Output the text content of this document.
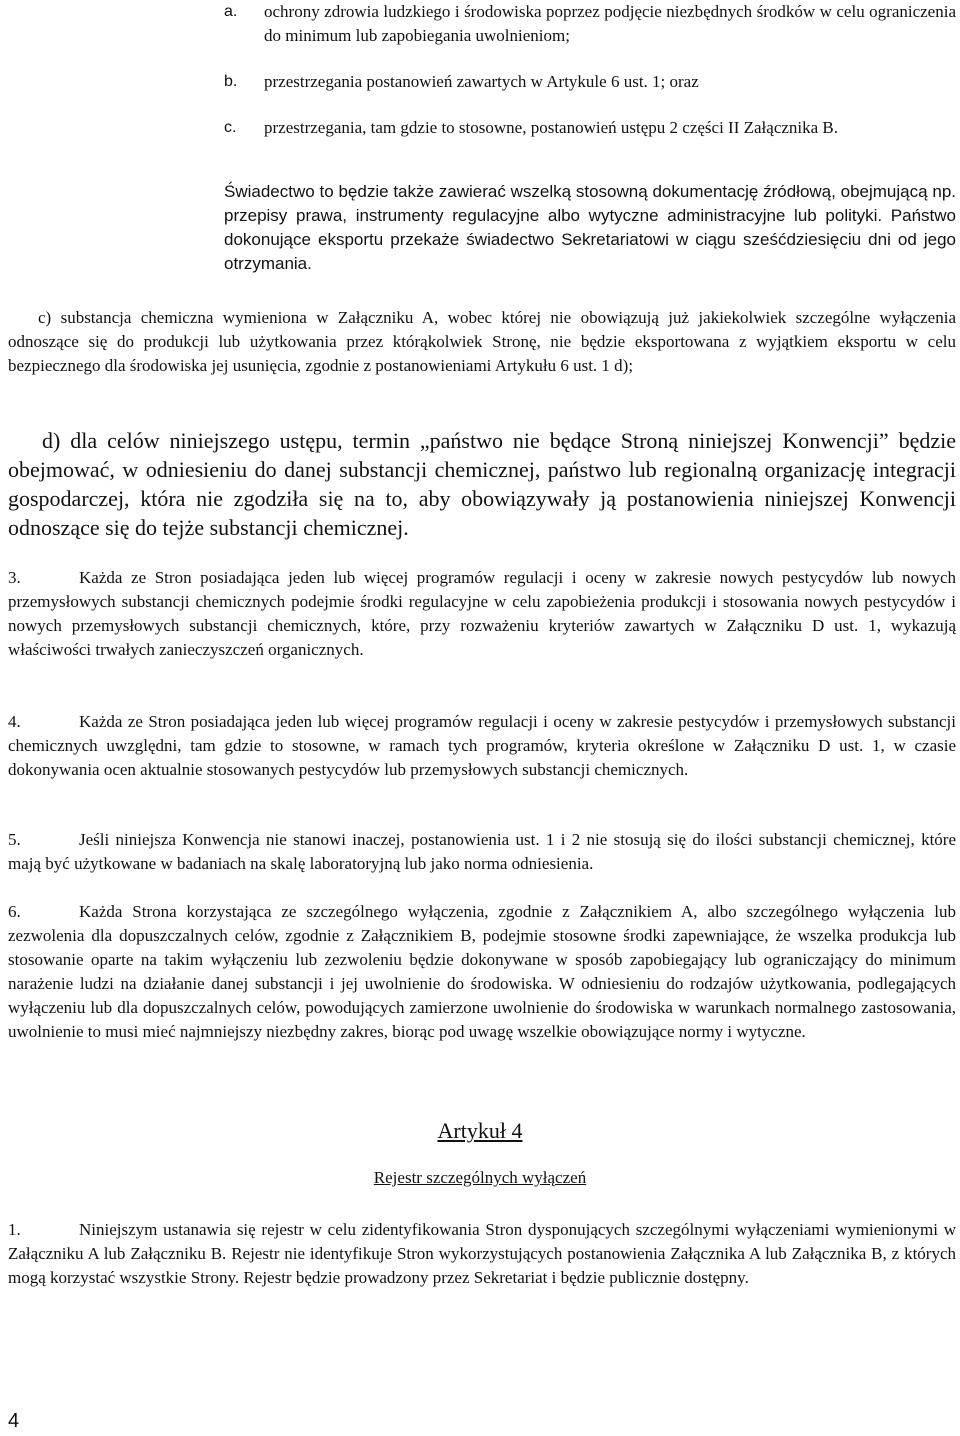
a. ochrony zdrowia ludzkiego i środowiska poprzez podjęcie niezbędnych środków w celu ograniczenia do minimum lub zapobiegania uwolnieniom;
b. przestrzegania postanowień zawartych w Artykule 6 ust. 1; oraz
c. przestrzegania, tam gdzie to stosowne, postanowień ustępu 2 części II Załącznika B.
Świadectwo to będzie także zawierać wszelką stosowną dokumentację źródłową, obejmującą np. przepisy prawa, instrumenty regulacyjne albo wytyczne administracyjne lub polityki. Państwo dokonujące eksportu przekaże świadectwo Sekretariatowi w ciągu sześćdziesięciu dni od jego otrzymania.
c) substancja chemiczna wymieniona w Załączniku A, wobec której nie obowiązują już jakiekolwiek szczególne wyłączenia odnoszące się do produkcji lub użytkowania przez którąkolwiek Stronę, nie będzie eksportowana z wyjątkiem eksportu w celu bezpiecznego dla środowiska jej usunięcia, zgodnie z postanowieniami Artykułu 6 ust. 1 d);
d) dla celów niniejszego ustępu, termin „państwo nie będące Stroną niniejszej Konwencji” będzie obejmować, w odniesieniu do danej substancji chemicznej, państwo lub regionalną organizację integracji gospodarczej, która nie zgodziła się na to, aby obowiązywały ją postanowienia niniejszej Konwencji odnoszące się do tejże substancji chemicznej.
3.	Każda ze Stron posiadająca jeden lub więcej programów regulacji i oceny w zakresie nowych pestycydów lub nowych przemysłowych substancji chemicznych podejmie środki regulacyjne w celu zapobieżenia produkcji i stosowania nowych pestycydów i nowych przemysłowych substancji chemicznych, które, przy rozważeniu kryteriów zawartych w Załączniku D ust. 1, wykazują właściwości trwałych zanieczyszczeń organicznych.
4.	Każda ze Stron posiadająca jeden lub więcej programów regulacji i oceny w zakresie pestycydów i przemysłowych substancji chemicznych uwzględni, tam gdzie to stosowne, w ramach tych programów, kryteria określone w Załączniku D ust. 1, w czasie dokonywania ocen aktualnie stosowanych pestycydów lub przemysłowych substancji chemicznych.
5.	Jeśli niniejsza Konwencja nie stanowi inaczej, postanowienia ust. 1 i 2 nie stosują się do ilości substancji chemicznej, które mają być użytkowane w badaniach na skalę laboratoryjną lub jako norma odniesienia.
6.	Każda Strona korzystająca ze szczególnego wyłączenia, zgodnie z Załącznikiem A, albo szczególnego wyłączenia lub zezwolenia dla dopuszczalnych celów, zgodnie z Załącznikiem B, podejmie stosowne środki zapewniające, że wszelka produkcja lub stosowanie oparte na takim wyłączeniu lub zezwoleniu będzie dokonywane w sposób zapobiegający lub ograniczający do minimum narażenie ludzi na działanie danej substancji i jej uwolnienie do środowiska. W odniesieniu do rodzajów użytkowania, podlegających wyłączeniu lub dla dopuszczalnych celów, powodujących zamierzone uwolnienie do środowiska w warunkach normalnego zastosowania, uwolnienie to musi mieć najmniejszy niezbędny zakres, biorąc pod uwagę wszelkie obowiązujące normy i wytyczne.
Artykuł 4
Rejestr szczególnych wyłączeń
1.	Niniejszym ustanawia się rejestr w celu zidentyfikowania Stron dysponujących szczególnymi wyłączeniami wymienionymi w Załączniku A lub Załączniku B. Rejestr nie identyfikuje Stron wykorzystujących postanowienia Załącznika A lub Załącznika B, z których mogą korzystać wszystkie Strony. Rejestr będzie prowadzony przez Sekretariat i będzie publicznie dostępny.
4
